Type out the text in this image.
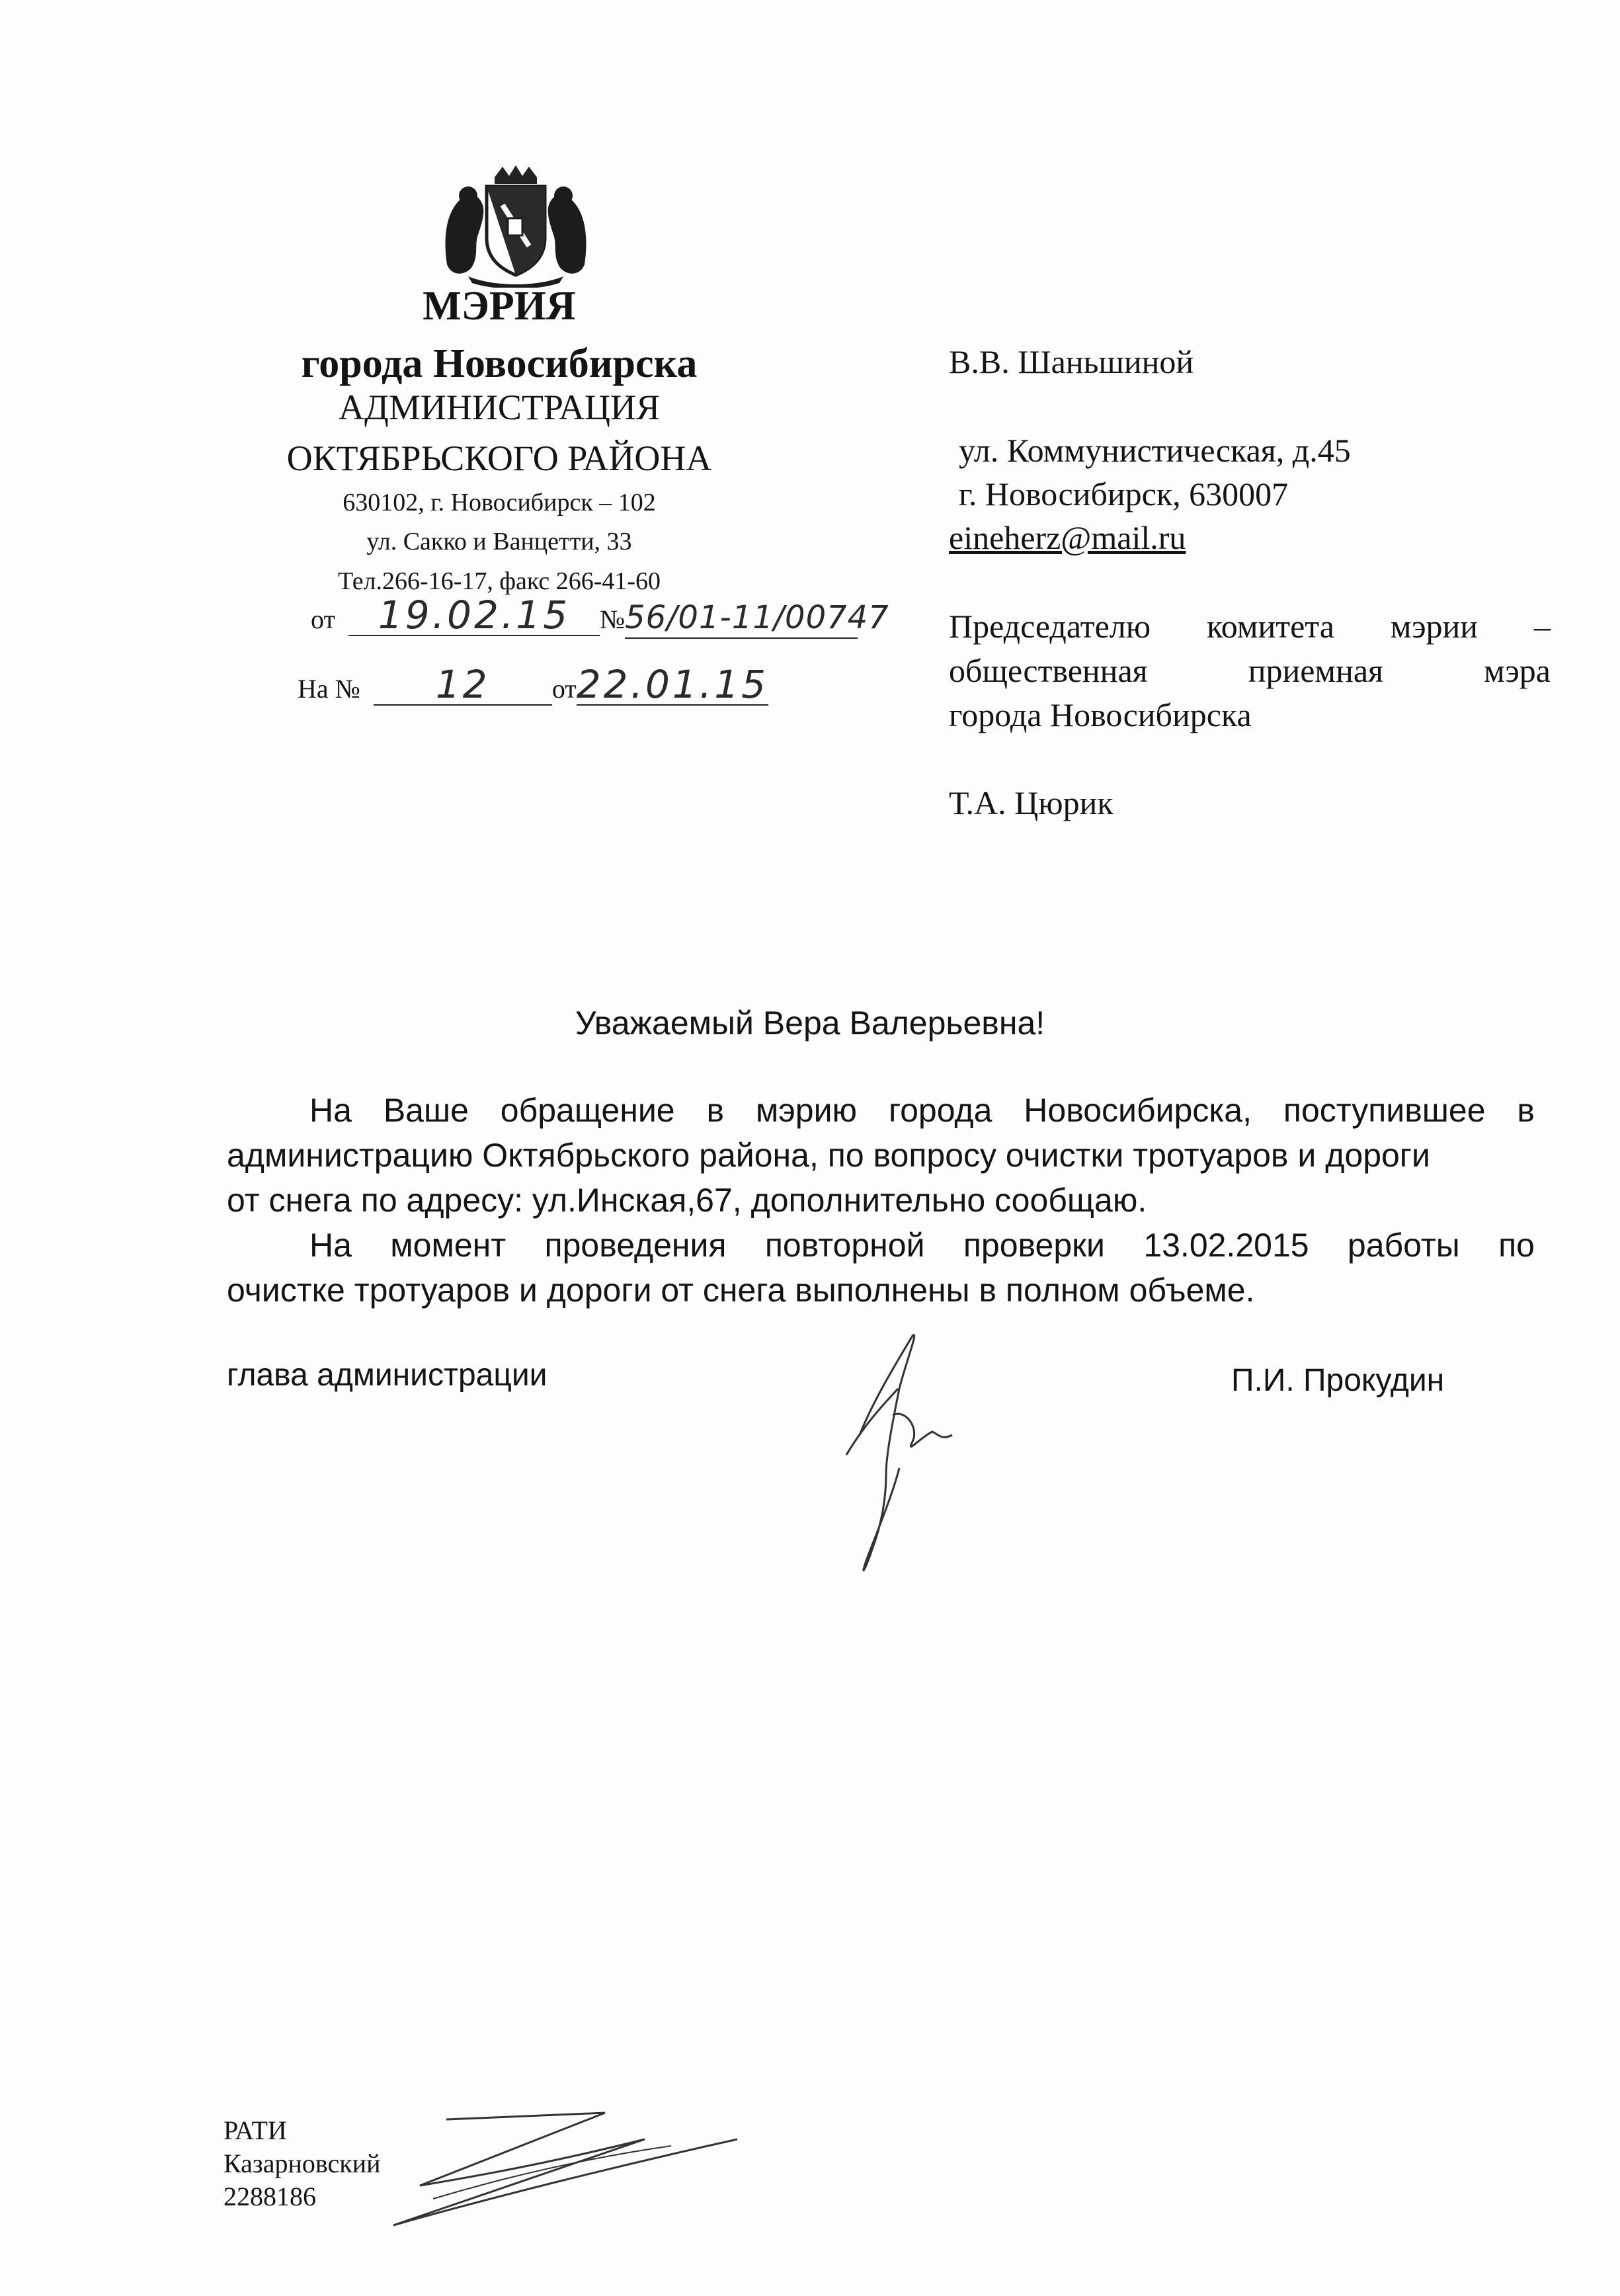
МЭРИЯ
города Новосибирска
АДМИНИСТРАЦИЯ
ОКТЯБРЬСКОГО РАЙОНА
630102, г. Новосибирск – 102
ул. Сакко и Ванцетти, 33
Тел.266-16-17, факс 266-41-60
от 19.02.15 №56/01-11/00747
На № 12 от22.01.15
В.В. Шаньшиной
ул. Коммунистическая, д.45
г. Новосибирск, 630007
eineherz@mail.ru
Председателю комитета мэрии –
общественная	приемная	мэра
города Новосибирска
Т.А. Цюрик
Уважаемый Вера Валерьевна!
На Ваше обращение в мэрию города Новосибирска, поступившее в
администрацию Октябрьского района, по вопросу очистки тротуаров и дороги
от снега по адресу: ул.Инская,67, дополнительно сообщаю.
На момент проведения повторной проверки 13.02.2015 работы по
очистке тротуаров и дороги от снега выполнены в полном объеме.
глава администрации	П.И. Прокудин
РАТИ
Казарновский
2288186
